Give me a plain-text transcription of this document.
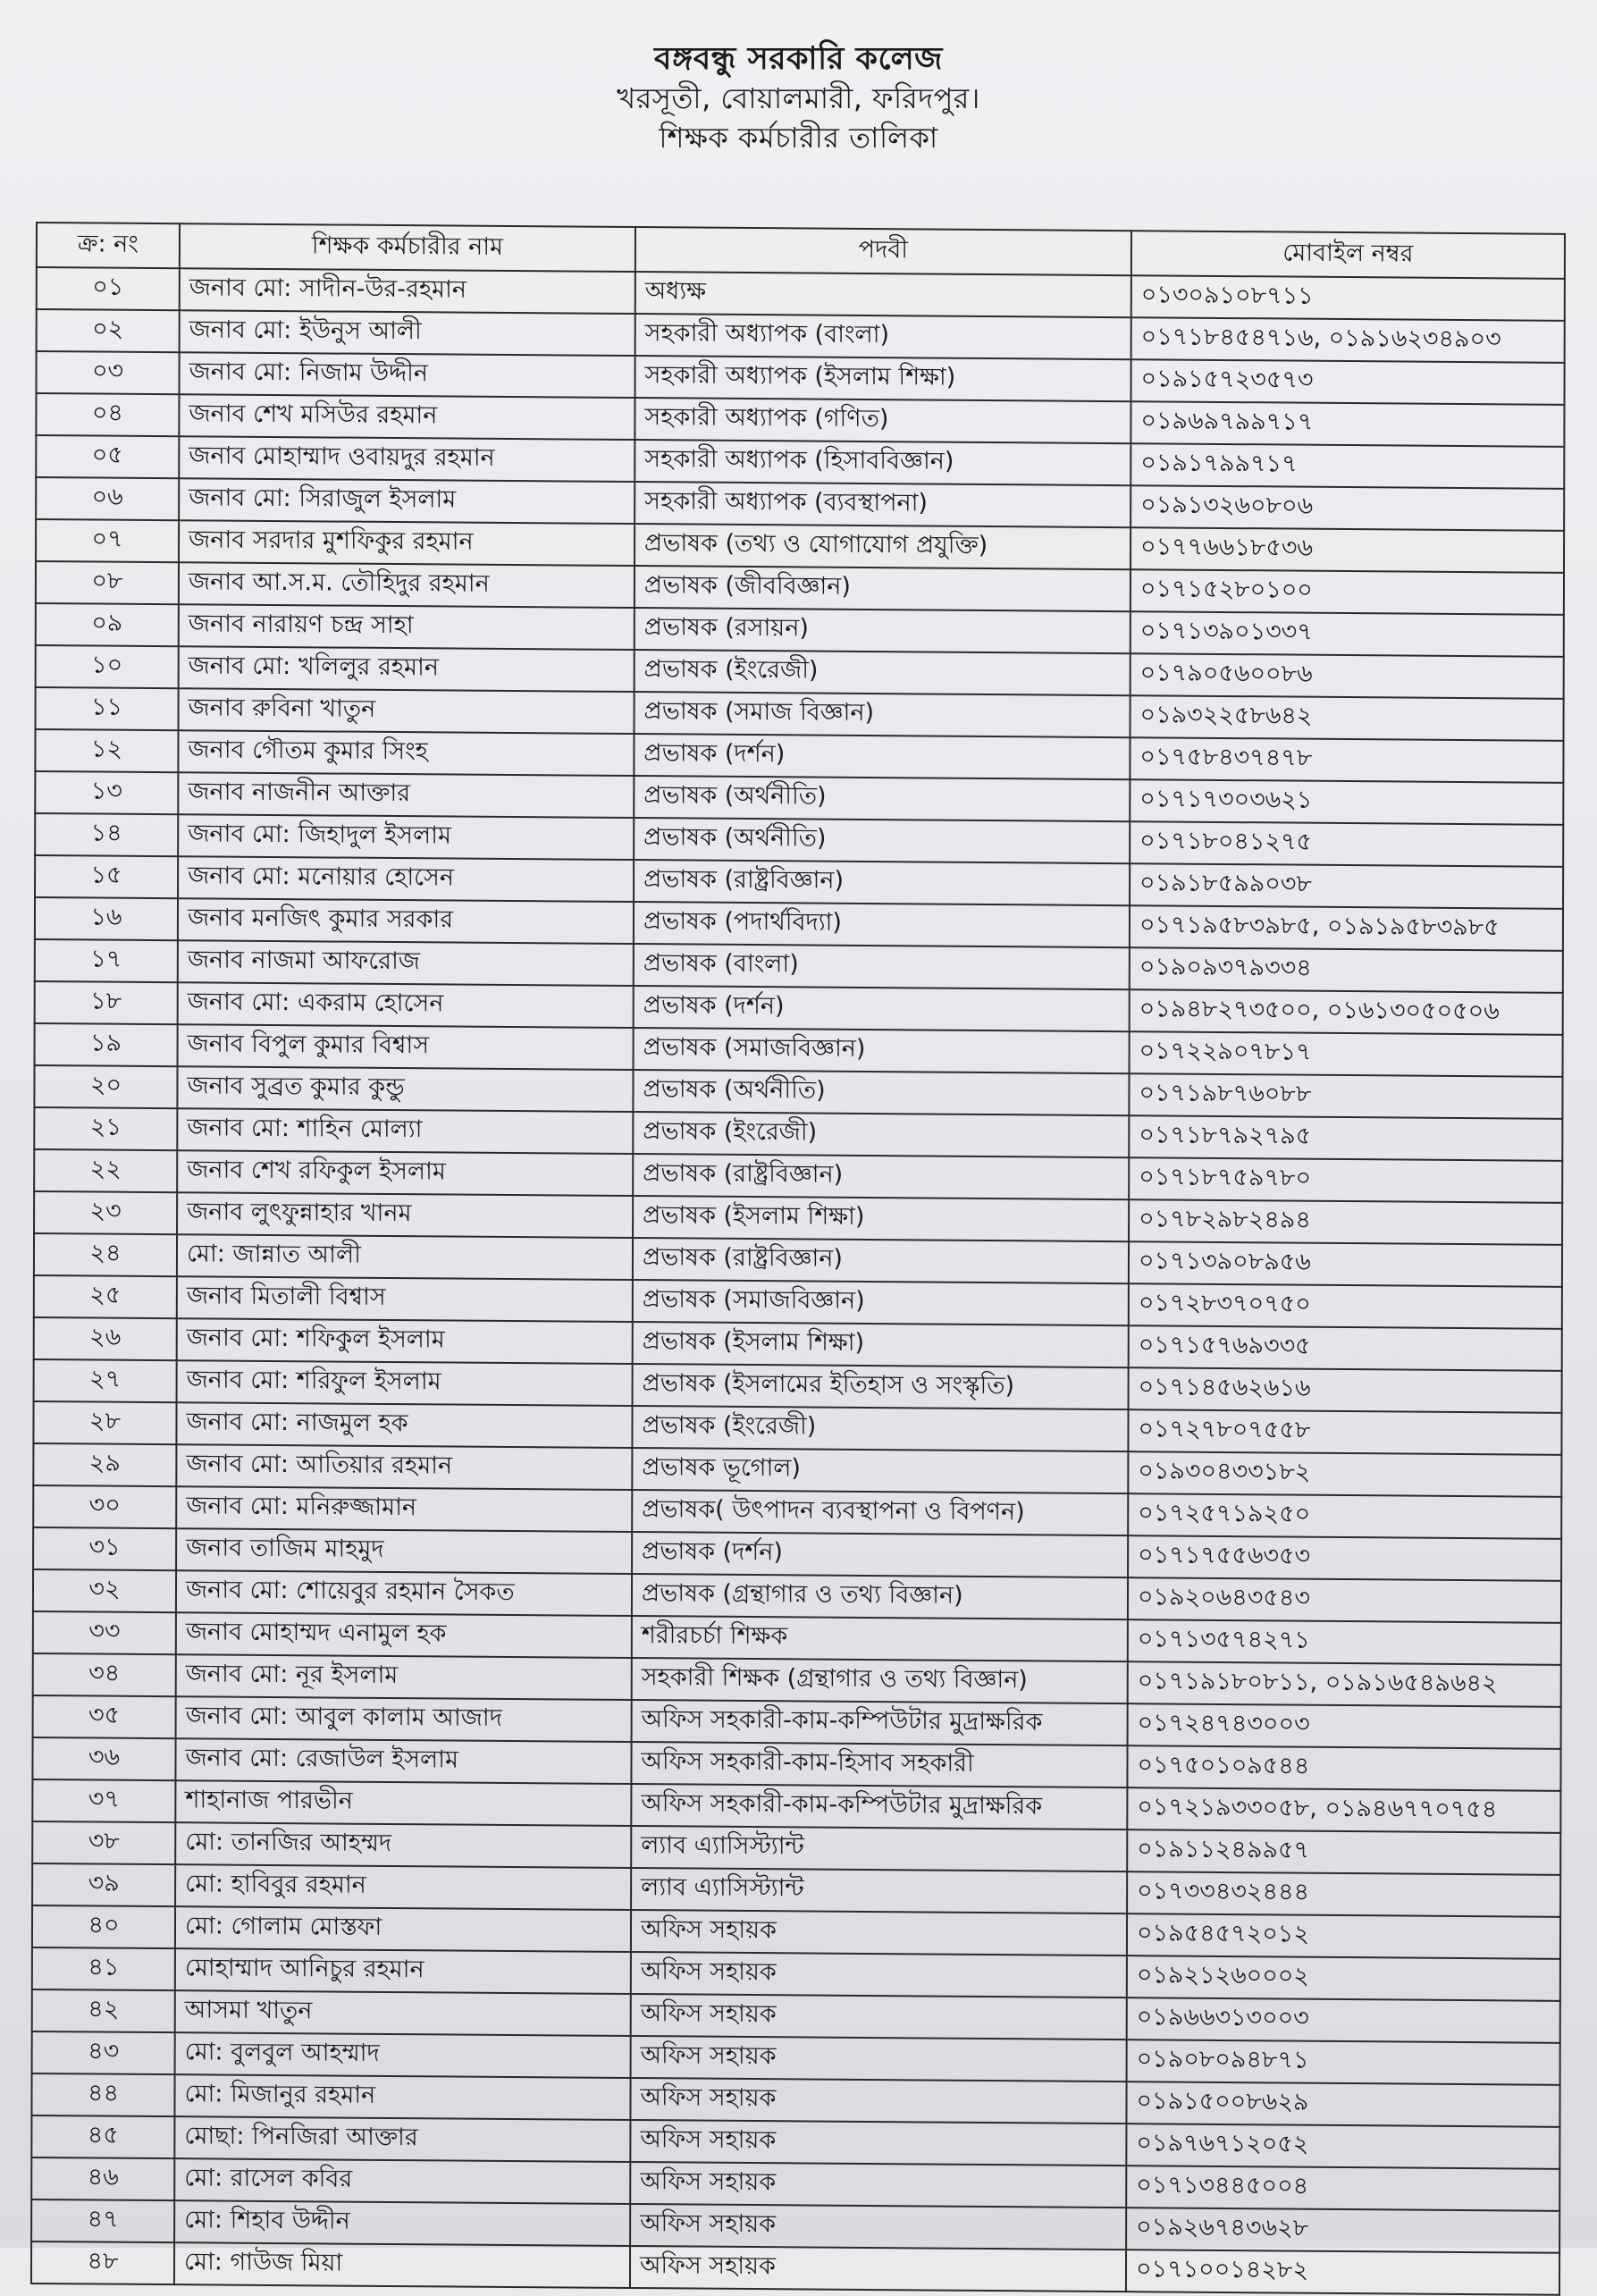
বঙ্গবন্ধু সরকারি কলেজ
খরসূতী, বোয়ালমারী, ফরিদপুর।
শিক্ষক কর্মচারীর তালিকা
ক্র: নং	শিক্ষক কর্মচারীর নাম	পদবী	মোবাইল নম্বর
০১	জনাব মো: সাদীন-উর-রহমান	অধ্যক্ষ	০১৩০৯১০৮৭১১
০২	জনাব মো: ইউনুস আলী	সহকারী অধ্যাপক (বাংলা)	০১৭১৮৪৫৪৭১৬, ০১৯১৬২৩৪৯০৩
০৩	জনাব মো: নিজাম উদ্দীন	সহকারী অধ্যাপক (ইসলাম শিক্ষা)	০১৯১৫৭২৩৫৭৩
০৪	জনাব শেখ মসিউর রহমান	সহকারী অধ্যাপক (গণিত)	০১৯৬৯৭৯৯৭১৭
০৫	জনাব মোহাম্মাদ ওবায়দুর রহমান	সহকারী অধ্যাপক (হিসাববিজ্ঞান)	০১৯১৭৯৯৭১৭
০৬	জনাব মো: সিরাজুল ইসলাম	সহকারী অধ্যাপক (ব্যবস্থাপনা)	০১৯১৩২৬০৮০৬
০৭	জনাব সরদার মুশফিকুর রহমান	প্রভাষক (তথ্য ও যোগাযোগ প্রযুক্তি)	০১৭৭৬৬১৮৫৩৬
০৮	জনাব আ.স.ম. তৌহিদুর রহমান	প্রভাষক (জীববিজ্ঞান)	০১৭১৫২৮০১০০
০৯	জনাব নারায়ণ চন্দ্র সাহা	প্রভাষক (রসায়ন)	০১৭১৩৯০১৩৩৭
১০	জনাব মো: খলিলুর রহমান	প্রভাষক (ইংরেজী)	০১৭৯০৫৬০০৮৬
১১	জনাব রুবিনা খাতুন	প্রভাষক (সমাজ বিজ্ঞান)	০১৯৩২২৫৮৬৪২
১২	জনাব গৌতম কুমার সিংহ	প্রভাষক (দর্শন)	০১৭৫৮৪৩৭৪৭৮
১৩	জনাব নাজনীন আক্তার	প্রভাষক (অর্থনীতি)	০১৭১৭৩০৩৬২১
১৪	জনাব মো: জিহাদুল ইসলাম	প্রভাষক (অর্থনীতি)	০১৭১৮০৪১২৭৫
১৫	জনাব মো: মনোয়ার হোসেন	প্রভাষক (রাষ্ট্রবিজ্ঞান)	০১৯১৮৫৯৯০৩৮
১৬	জনাব মনজিৎ কুমার সরকার	প্রভাষক (পদার্থবিদ্যা)	০১৭১৯৫৮৩৯৮৫, ০১৯১৯৫৮৩৯৮৫
১৭	জনাব নাজমা আফরোজ	প্রভাষক (বাংলা)	০১৯০৯৩৭৯৩৩৪
১৮	জনাব মো: একরাম হোসেন	প্রভাষক (দর্শন)	০১৯৪৮২৭৩৫০০, ০১৬১৩০৫০৫০৬
১৯	জনাব বিপুল কুমার বিশ্বাস	প্রভাষক (সমাজবিজ্ঞান)	০১৭২২৯০৭৮১৭
২০	জনাব সুব্রত কুমার কুন্ডু	প্রভাষক (অর্থনীতি)	০১৭১৯৮৭৬০৮৮
২১	জনাব মো: শাহিন মোল্যা	প্রভাষক (ইংরেজী)	০১৭১৮৭৯২৭৯৫
২২	জনাব শেখ রফিকুল ইসলাম	প্রভাষক (রাষ্ট্রবিজ্ঞান)	০১৭১৮৭৫৯৭৮০
২৩	জনাব লুৎফুন্নাহার খানম	প্রভাষক (ইসলাম শিক্ষা)	০১৭৮২৯৮২৪৯৪
২৪	মো: জান্নাত আলী	প্রভাষক (রাষ্ট্রবিজ্ঞান)	০১৭১৩৯০৮৯৫৬
২৫	জনাব মিতালী বিশ্বাস	প্রভাষক (সমাজবিজ্ঞান)	০১৭২৮৩৭০৭৫০
২৬	জনাব মো: শফিকুল ইসলাম	প্রভাষক (ইসলাম শিক্ষা)	০১৭১৫৭৬৯৩৩৫
২৭	জনাব মো: শরিফুল ইসলাম	প্রভাষক (ইসলামের ইতিহাস ও সংস্কৃতি)	০১৭১৪৫৬২৬১৬
২৮	জনাব মো: নাজমুল হক	প্রভাষক (ইংরেজী)	০১৭২৭৮০৭৫৫৮
২৯	জনাব মো: আতিয়ার রহমান	প্রভাষক ভূগোল)	০১৯৩০৪৩৩১৮২
৩০	জনাব মো: মনিরুজ্জামান	প্রভাষক( উৎপাদন ব্যবস্থাপনা ও বিপণন)	০১৭২৫৭১৯২৫০
৩১	জনাব তাজিম মাহমুদ	প্রভাষক (দর্শন)	০১৭১৭৫৫৬৩৫৩
৩২	জনাব মো: শোয়েবুর রহমান সৈকত	প্রভাষক (গ্রন্থাগার ও তথ্য বিজ্ঞান)	০১৯২০৬৪৩৫৪৩
৩৩	জনাব মোহাম্মদ এনামুল হক	শরীরচর্চা শিক্ষক	০১৭১৩৫৭৪২৭১
৩৪	জনাব মো: নূর ইসলাম	সহকারী শিক্ষক (গ্রন্থাগার ও তথ্য বিজ্ঞান)	০১৭১৯১৮০৮১১, ০১৯১৬৫৪৯৬৪২
৩৫	জনাব মো: আবুল কালাম আজাদ	অফিস সহকারী-কাম-কম্পিউটার মুদ্রাক্ষরিক	০১৭২৪৭৪৩০০৩
৩৬	জনাব মো: রেজাউল ইসলাম	অফিস সহকারী-কাম-হিসাব সহকারী	০১৭৫০১০৯৫৪৪
৩৭	শাহানাজ পারভীন	অফিস সহকারী-কাম-কম্পিউটার মুদ্রাক্ষরিক	০১৭২১৯৩৩০৫৮, ০১৯৪৬৭৭০৭৫৪
৩৮	মো: তানজির আহম্মদ	ল্যাব এ্যাসিস্ট্যান্ট	০১৯১১২৪৯৯৫৭
৩৯	মো: হাবিবুর রহমান	ল্যাব এ্যাসিস্ট্যান্ট	০১৭৩৩৪৩২৪৪৪
৪০	মো: গোলাম মোস্তফা	অফিস সহায়ক	০১৯৫৪৫৭২০১২
৪১	মোহাম্মাদ আনিচুর রহমান	অফিস সহায়ক	০১৯২১২৬০০০২
৪২	আসমা খাতুন	অফিস সহায়ক	০১৯৬৬৩১৩০০৩
৪৩	মো: বুলবুল আহম্মাদ	অফিস সহায়ক	০১৯০৮০৯৪৮৭১
৪৪	মো: মিজানুর রহমান	অফিস সহায়ক	০১৯১৫০০৮৬২৯
৪৫	মোছা: পিনজিরা আক্তার	অফিস সহায়ক	০১৯৭৬৭১২০৫২
৪৬	মো: রাসেল কবির	অফিস সহায়ক	০১৭১৩৪৪৫০০৪
৪৭	মো: শিহাব উদ্দীন	অফিস সহায়ক	০১৯২৬৭৪৩৬২৮
৪৮	মো: গাউজ মিয়া	অফিস সহায়ক	০১৭১০০১৪২৮২
